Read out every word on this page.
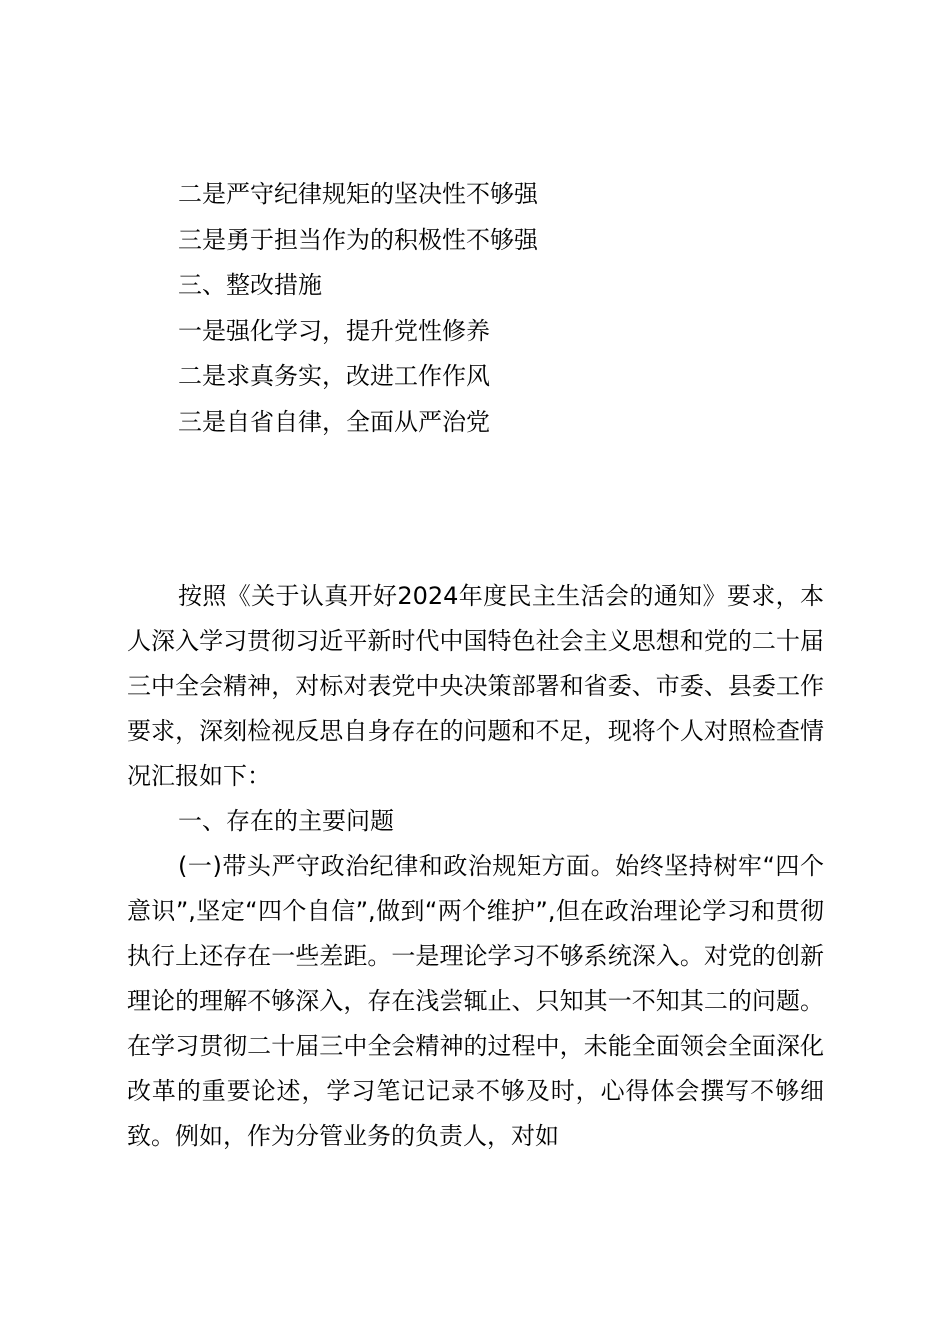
二是严守纪律规矩的坚决性不够强
三是勇于担当作为的积极性不够强
三、整改措施
一是强化学习，提升党性修养
二是求真务实，改进工作作风
三是自省自律，全面从严治党

按照《关于认真开好2024年度民主生活会的通知》要求，本人深入学习贯彻习近平新时代中国特色社会主义思想和党的二十届三中全会精神，对标对表党中央决策部署和省委、市委、县委工作要求，深刻检视反思自身存在的问题和不足，现将个人对照检查情况汇报如下：

一、存在的主要问题

(一)带头严守政治纪律和政治规矩方面。始终坚持树牢“四个意识”,坚定“四个自信”,做到“两个维护”,但在政治理论学习和贯彻执行上还存在一些差距。一是理论学习不够系统深入。对党的创新理论的理解不够深入，存在浅尝辄止、只知其一不知其二的问题。在学习贯彻二十届三中全会精神的过程中，未能全面领会全面深化改革的重要论述，学习笔记记录不够及时，心得体会撰写不够细致。例如，作为分管业务的负责人，对如
